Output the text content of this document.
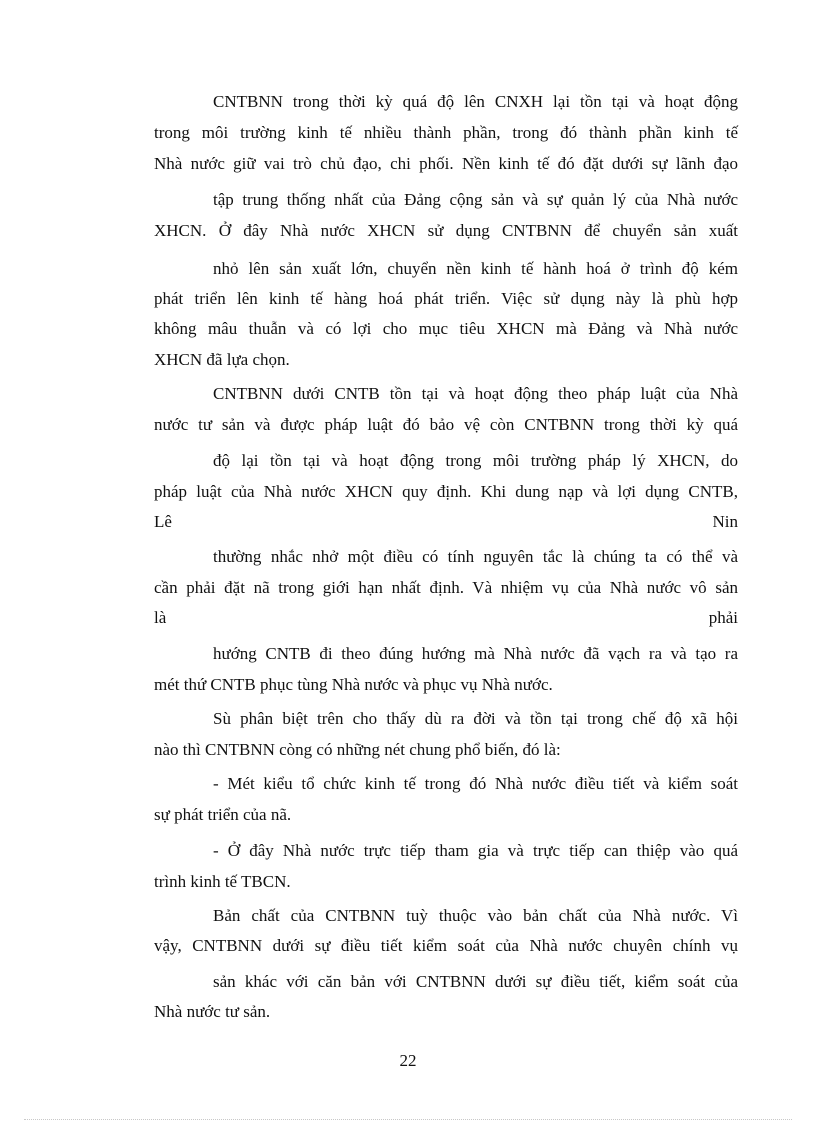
CNTBNN trong thời kỳ quá độ lên CNXH lại tồn tại và hoạt động
trong môi trường kinh tế nhiều thành phần, trong đó thành phần kinh tế
Nhà nước giữ vai trò chủ đạo, chi phối. Nền kinh tế đó đặt dưới sự lãnh đạo
tập trung thống nhất của Đảng cộng sản và sự quản lý của Nhà nước
XHCN. Ở đây Nhà nước XHCN sử dụng CNTBNN để chuyển sản xuất
nhỏ lên sản xuất lớn, chuyển nền kinh tế hành hoá ở trình độ kém
phát triển lên kinh tế hàng hoá phát triển. Việc sử dụng này là phù hợp
không mâu thuẫn và có lợi cho mục tiêu XHCN mà Đảng và Nhà nước
XHCN đã lựa chọn.
CNTBNN dưới CNTB tồn tại và hoạt động theo pháp luật của Nhà
nước tư sản và được pháp luật đó bảo vệ còn CNTBNN trong thời kỳ quá
độ lại tồn tại và hoạt động trong môi trường pháp lý XHCN, do
pháp luật của Nhà nước XHCN quy định. Khi dung nạp và lợi dụng CNTB,
Lê	Nin
thường nhắc nhở một điều có tính nguyên tắc là chúng ta có thể và
cần phải đặt nã trong giới hạn nhất định. Và nhiệm vụ của Nhà nước vô sản
là	phải
hướng CNTB đi theo đúng hướng mà Nhà nước đã vạch ra và tạo ra
mét thứ CNTB phục tùng Nhà nước và phục vụ Nhà nước.
Sù phân biệt trên cho thấy dù ra đời và tồn tại trong chế độ xã hội
nào thì CNTBNN còng có những nét chung phổ biến, đó là:
- Mét kiểu tổ chức kinh tế trong đó Nhà nước điều tiết và kiểm soát
sự phát triển của nã.
- Ở đây Nhà nước trực tiếp tham gia và trực tiếp can thiệp vào quá
trình kinh tế TBCN.
Bản chất của CNTBNN tuỳ thuộc vào bản chất của Nhà nước. Vì
vậy, CNTBNN dưới sự điều tiết kiểm soát của Nhà nước chuyên chính vụ
sản khác với căn bản với CNTBNN dưới sự điều tiết, kiểm soát của
Nhà nước tư sản.
22
